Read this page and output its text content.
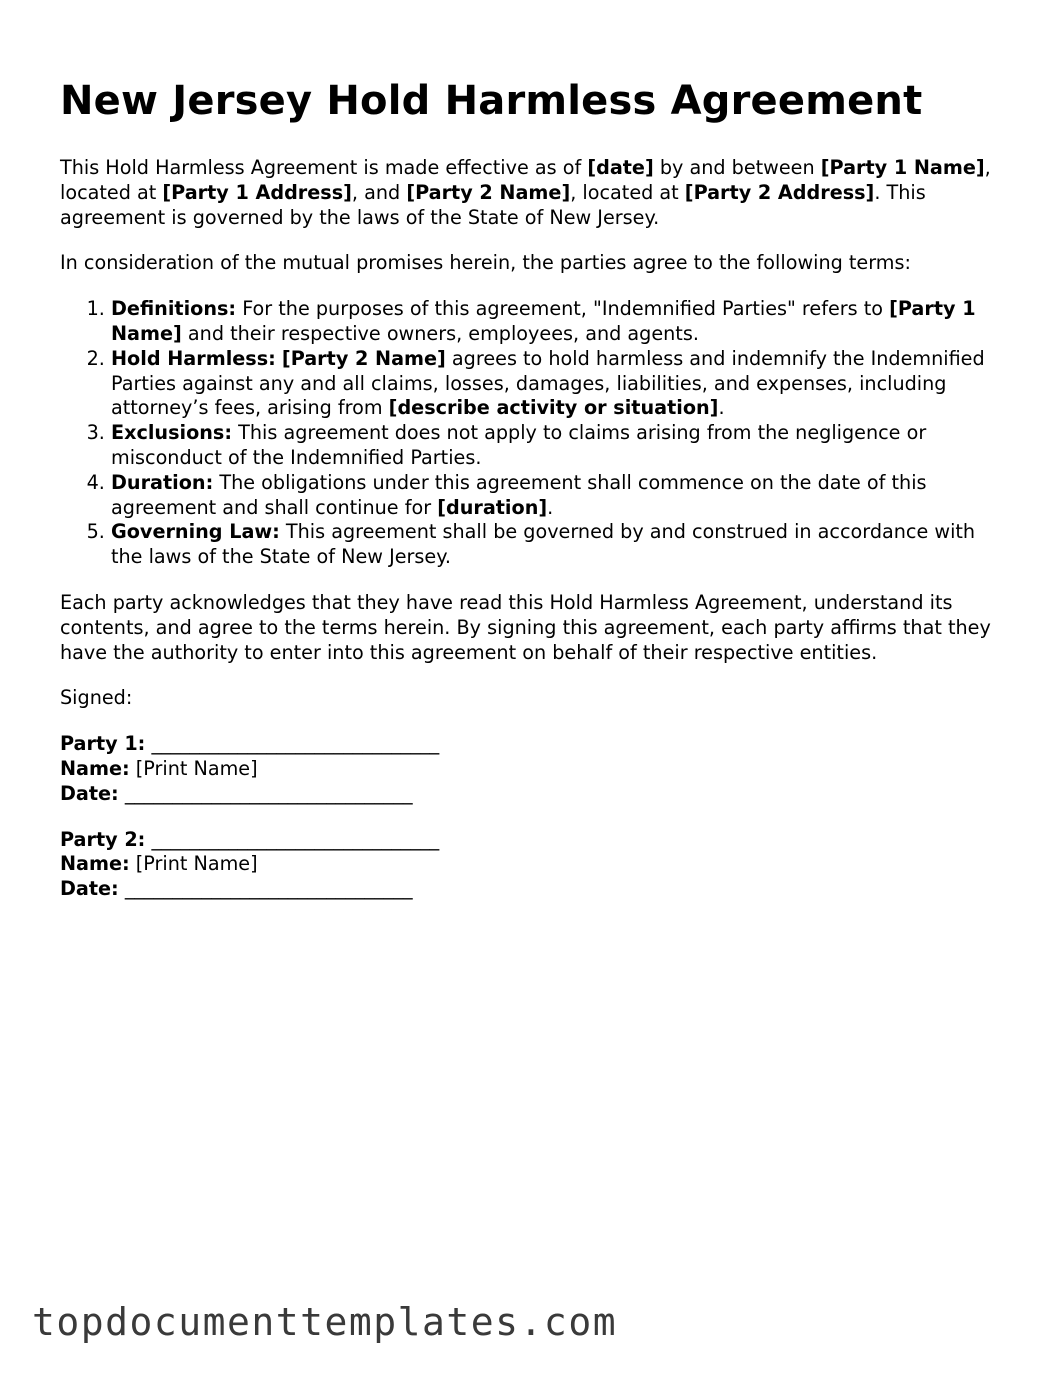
New Jersey Hold Harmless Agreement

This Hold Harmless Agreement is made effective as of [date] by and between [Party 1 Name], located at [Party 1 Address], and [Party 2 Name], located at [Party 2 Address]. This agreement is governed by the laws of the State of New Jersey.

In consideration of the mutual promises herein, the parties agree to the following terms:

1. Definitions: For the purposes of this agreement, "Indemnified Parties" refers to [Party 1 Name] and their respective owners, employees, and agents.
2. Hold Harmless: [Party 2 Name] agrees to hold harmless and indemnify the Indemnified Parties against any and all claims, losses, damages, liabilities, and expenses, including attorney’s fees, arising from [describe activity or situation].
3. Exclusions: This agreement does not apply to claims arising from the negligence or misconduct of the Indemnified Parties.
4. Duration: The obligations under this agreement shall commence on the date of this agreement and shall continue for [duration].
5. Governing Law: This agreement shall be governed by and construed in accordance with the laws of the State of New Jersey.

Each party acknowledges that they have read this Hold Harmless Agreement, understand its contents, and agree to the terms herein. By signing this agreement, each party affirms that they have the authority to enter into this agreement on behalf of their respective entities.

Signed:

Party 1: ______________________________
Name: [Print Name]
Date: ______________________________
Party 2: ______________________________
Name: [Print Name]
Date: ______________________________
topdocumenttemplates.com
